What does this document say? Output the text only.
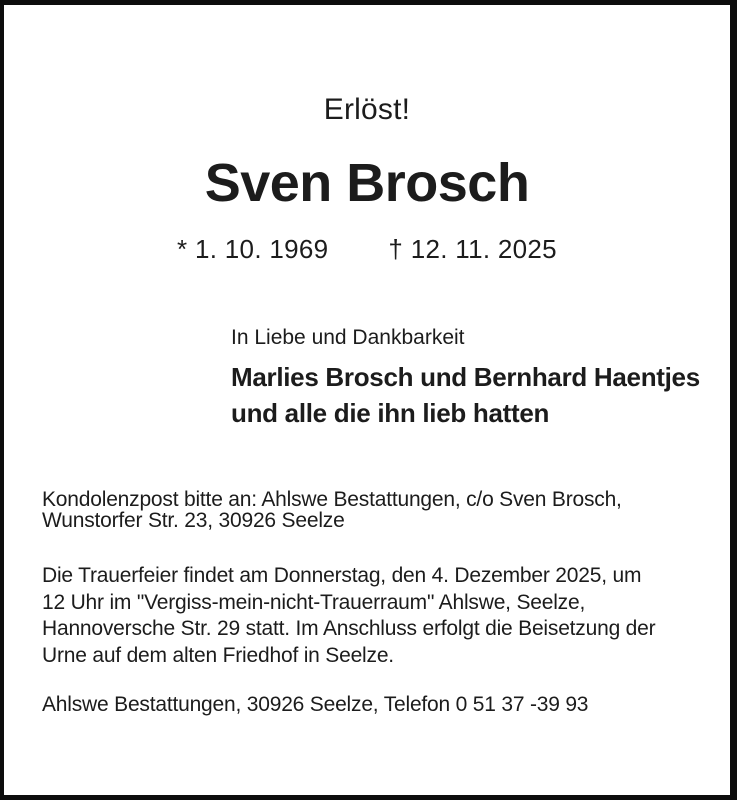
Erlöst!
Sven Brosch
* 1. 10. 1969 † 12. 11. 2025
In Liebe und Dankbarkeit
Marlies Brosch und Bernhard Haentjes
und alle die ihn lieb hatten
Kondolenzpost bitte an: Ahlswe Bestattungen, c/o Sven Brosch,
Wunstorfer Str. 23, 30926 Seelze
Die Trauerfeier findet am Donnerstag, den 4. Dezember 2025, um
12 Uhr im "Vergiss-mein-nicht-Trauerraum" Ahlswe, Seelze,
Hannoversche Str. 29 statt. Im Anschluss erfolgt die Beisetzung der
Urne auf dem alten Friedhof in Seelze.
Ahlswe Bestattungen, 30926 Seelze, Telefon 0 51 37 -39 93
